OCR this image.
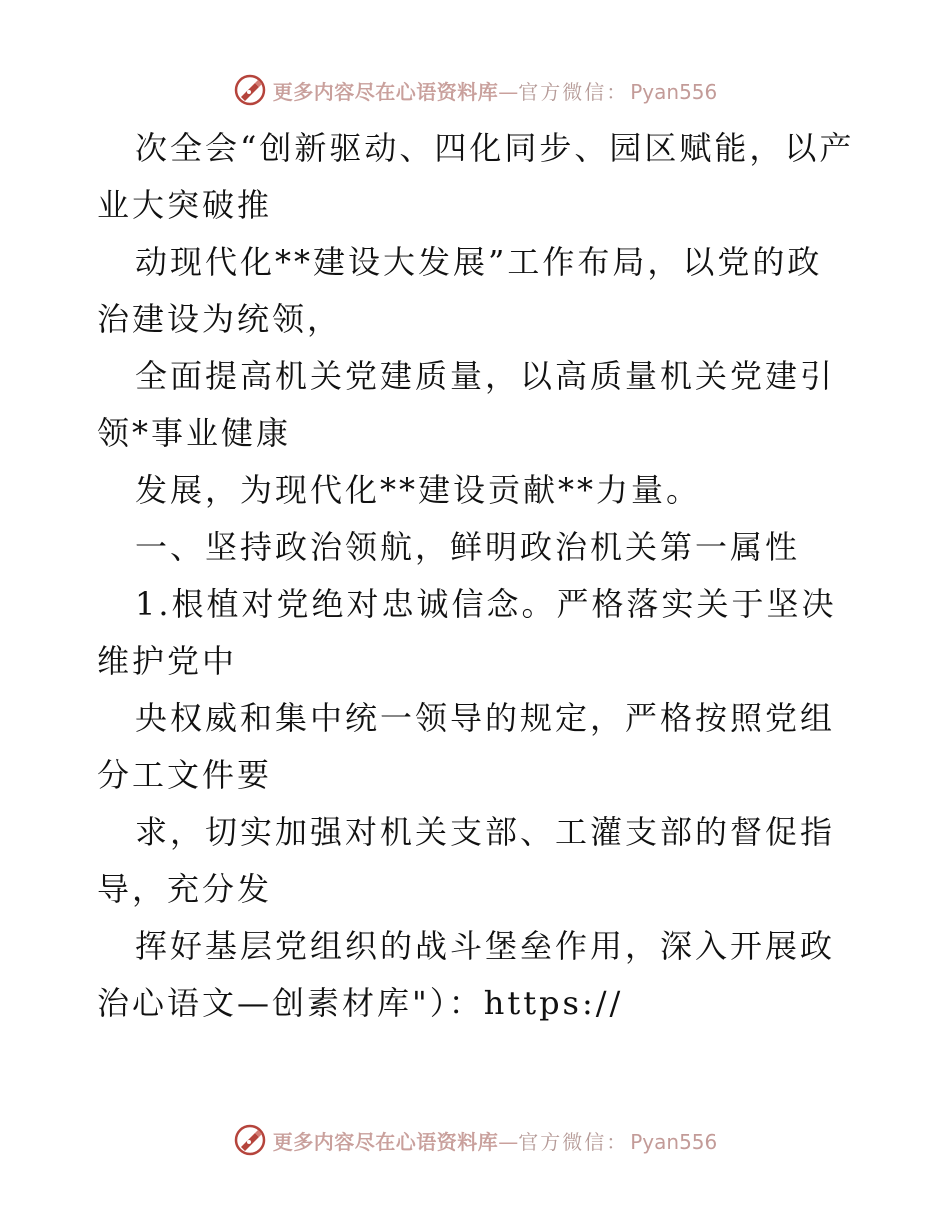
更多内容尽在心语资料库 — 官方微信： Pyan556

次全会“创新驱动、四化同步、园区赋能，以产业大突破推

动现代化**建设大发展”工作布局，以党的政治建设为统领，

全面提高机关党建质量，以高质量机关党建引领*事业健康

发展，为现代化**建设贡献**力量。

一、坚持政治领航，鲜明政治机关第一属性

1.根植对党绝对忠诚信念。严格落实关于坚决维护党中

央权威和集中统一领导的规定，严格按照党组分工文件要

求，切实加强对机关支部、工灌支部的督促指导，充分发

挥好基层党组织的战斗堡垒作用，深入开展政治心语文—创素材库"）：https://

更多内容尽在心语资料库 — 官方微信： Pyan556
